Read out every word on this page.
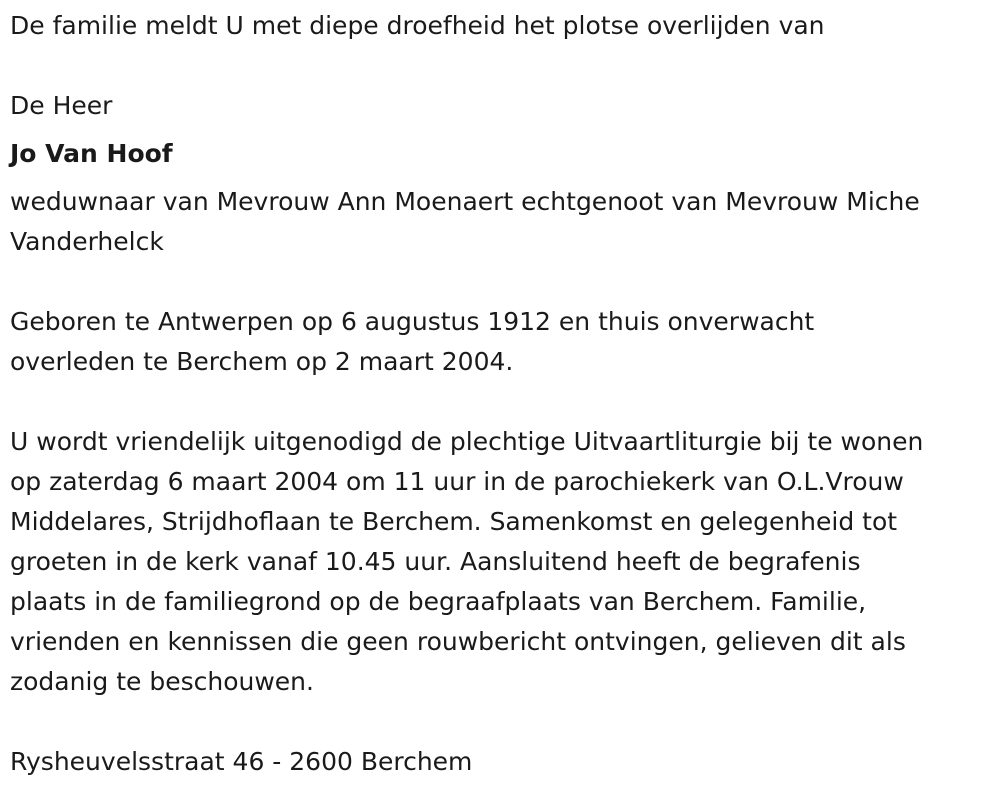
De familie meldt U met diepe droefheid het plotse overlijden van

De Heer

Jo Van Hoof

weduwnaar van Mevrouw Ann Moenaert echtgenoot van Mevrouw Miche

Vanderhelck

Geboren te Antwerpen op 6 augustus 1912 en thuis onverwacht

overleden te Berchem op 2 maart 2004.

U wordt vriendelijk uitgenodigd de plechtige Uitvaartliturgie bij te wonen

op zaterdag 6 maart 2004 om 11 uur in de parochiekerk van O.L.Vrouw

Middelares, Strijdhoflaan te Berchem. Samenkomst en gelegenheid tot

groeten in de kerk vanaf 10.45 uur. Aansluitend heeft de begrafenis

plaats in de familiegrond op de begraafplaats van Berchem. Familie,

vrienden en kennissen die geen rouwbericht ontvingen, gelieven dit als

zodanig te beschouwen.

Rysheuvelsstraat 46 - 2600 Berchem
